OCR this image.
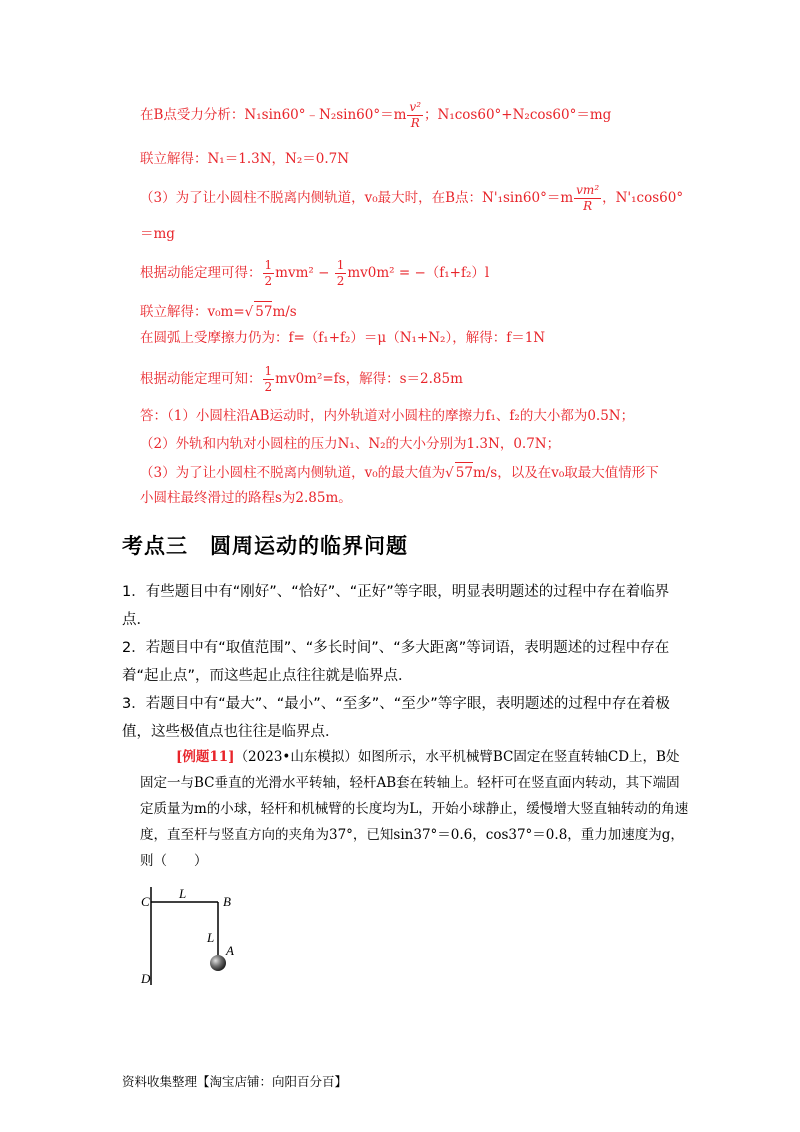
在B点受力分析：N₁sin60°﹣N₂sin60°＝m $\frac{\text{v²}}{R}$ ；N₁cos60°+N₂cos60°＝mg
联立解得：N₁＝1.3N，N₂＝0.7N
（3）为了让小圆柱不脱离内侧轨道，v₀最大时，在B点：$N'_1\sin 60^\circ=m \frac{\text{vm²}}{R}$ ，N'₁cos60°
＝mg
根据动能定理可得： $\frac{1}{2} mvm^2 - \frac{1}{2} mv0m^2 = -(f_1+f_2)l$
联立解得：v₀m=√ 57m/s
在圆弧上受摩擦力仍为：f=（f₁+f₂）＝μ（N₁+N₂），解得：f＝1N
根据动能定理可知： $\frac{1}{2} mv0m^2=fs$，解得：s＝2.85m
答：（1）小圆柱沿AB运动时，内外轨道对小圆柱的摩擦力f₁、f₂的大小都为0.5N；
（2）外轨和内轨对小圆柱的压力N₁、N₂的大小分别为1.3N，0.7N；
（3）为了让小圆柱不脱离内侧轨道，v₀的最大值为√ 57m/s，以及在v₀取最大值情形下
小圆柱最终滑过的路程s为2.85m。
考点三　圆周运动的临界问题
1．有些题目中有“刚好”、“恰好”、“正好”等字眼，明显表明题述的过程中存在着临界点．
2．若题目中有“取值范围”、“多长时间”、“多大距离”等词语，表明题述的过程中存在着“起止点”，而这些起止点往往就是临界点．
3．若题目中有“最大”、“最小”、“至多”、“至少”等字眼，表明题述的过程中存在着极值，这些极值点也往往是临界点．
[例题11]（2023•山东模拟）如图所示，水平机械臂BC固定在竖直转轴CD上，B处固定一与BC垂直的光滑水平转轴，轻杆AB套在转轴上。轻杆可在竖直面内转动，其下端固定质量为m的小球，轻杆和机械臂的长度均为L，开始小球静止，缓慢增大竖直轴转动的角速度，直至杆与竖直方向的夹角为37°，已知sin37°＝0.6，cos37°＝0.8，重力加速度为g，则（　　）
C
L
B
L
A
D
资料收集整理【淘宝店铺：向阳百分百】
